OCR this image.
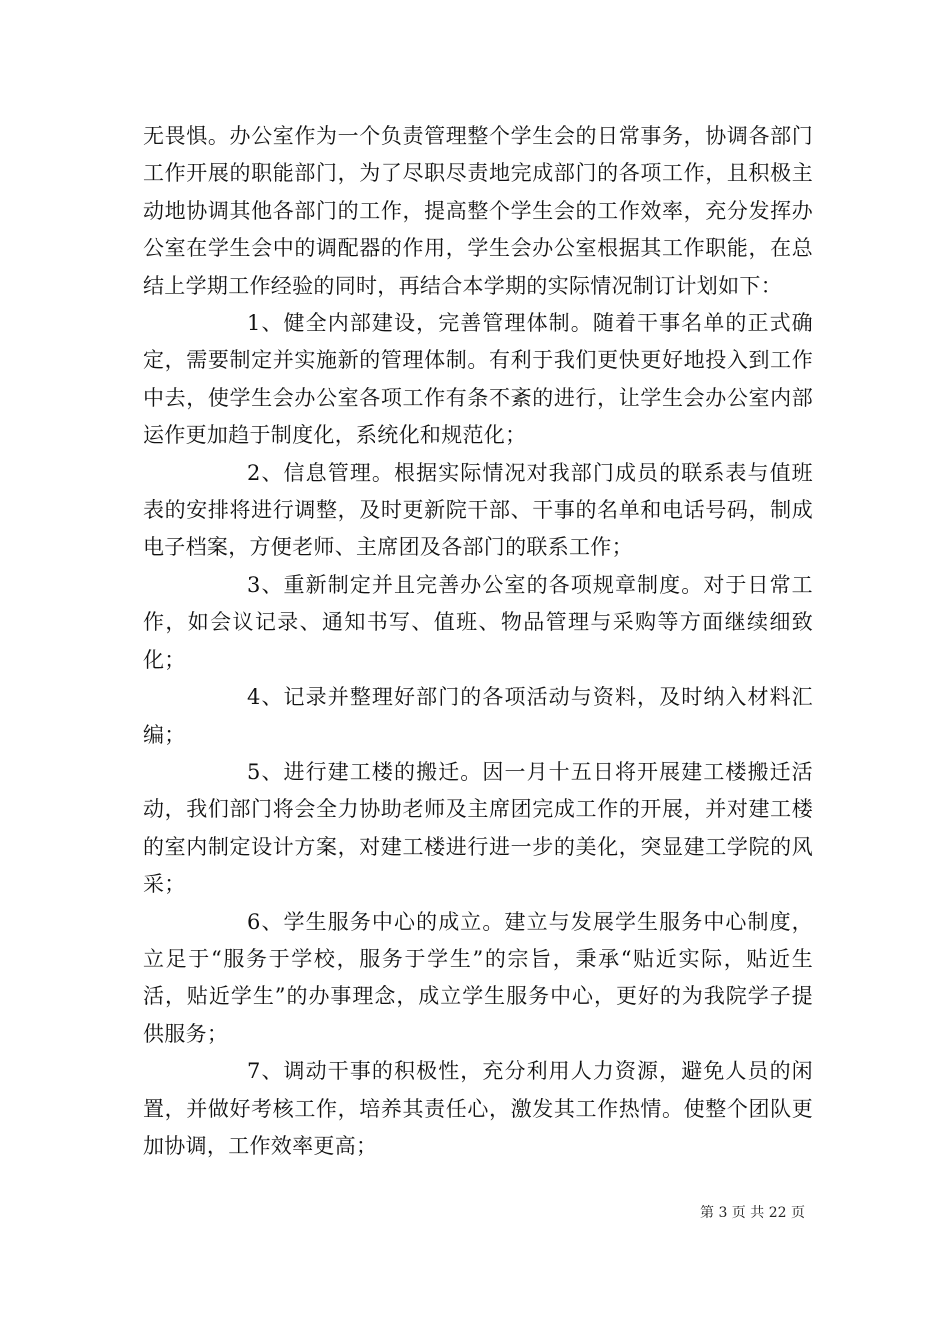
无畏惧。办公室作为一个负责管理整个学生会的日常事务，协调各部门工作开展的职能部门，为了尽职尽责地完成部门的各项工作，且积极主动地协调其他各部门的工作，提高整个学生会的工作效率，充分发挥办公室在学生会中的调配器的作用，学生会办公室根据其工作职能，在总结上学期工作经验的同时，再结合本学期的实际情况制订计划如下：

1、健全内部建设，完善管理体制。随着干事名单的正式确定，需要制定并实施新的管理体制。有利于我们更快更好地投入到工作中去，使学生会办公室各项工作有条不紊的进行，让学生会办公室内部运作更加趋于制度化，系统化和规范化；

2、信息管理。根据实际情况对我部门成员的联系表与值班表的安排将进行调整，及时更新院干部、干事的名单和电话号码，制成电子档案，方便老师、主席团及各部门的联系工作；

3、重新制定并且完善办公室的各项规章制度。对于日常工作，如会议记录、通知书写、值班、物品管理与采购等方面继续细致化；

4、记录并整理好部门的各项活动与资料，及时纳入材料汇编；

5、进行建工楼的搬迁。因一月十五日将开展建工楼搬迁活动，我们部门将会全力协助老师及主席团完成工作的开展，并对建工楼的室内制定设计方案，对建工楼进行进一步的美化，突显建工学院的风采；

6、学生服务中心的成立。建立与发展学生服务中心制度，立足于“服务于学校，服务于学生”的宗旨，秉承“贴近实际，贴近生活，贴近学生”的办事理念，成立学生服务中心，更好的为我院学子提供服务；

7、调动干事的积极性，充分利用人力资源，避免人员的闲置，并做好考核工作，培养其责任心，激发其工作热情。使整个团队更加协调，工作效率更高；

第 3 页 共 22 页
